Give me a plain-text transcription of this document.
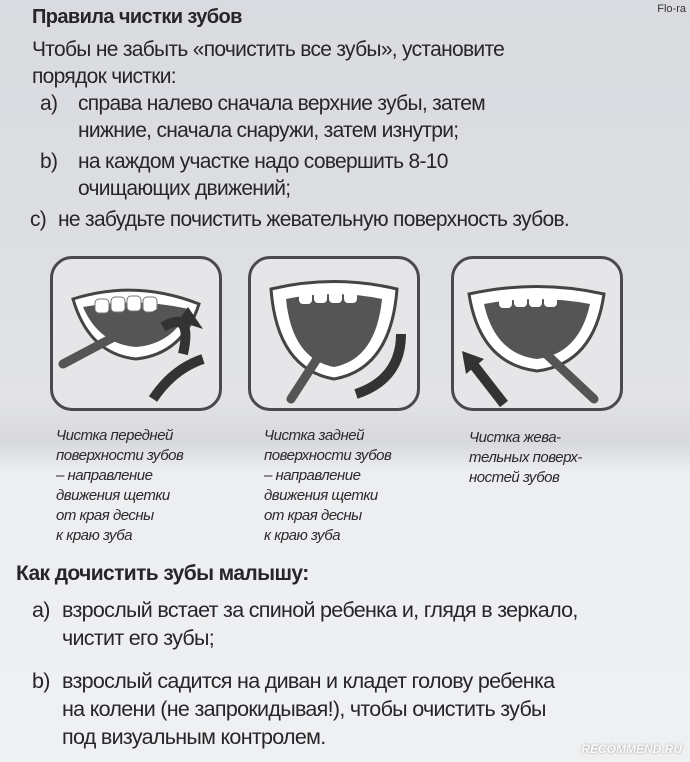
Flo-ra
Правила чистки зубов
Чтобы не забыть «почистить все зубы», установите
порядок чистки:
a) справа налево сначала верхние зубы, затем
нижние, сначала снаружи, затем изнутри;
b) на каждом участке надо совершить 8-10
очищающих движений;
c) не забудьте почистить жевательную поверхность зубов.
Чистка передней
поверхности зубов
– направление
движения щетки
от края десны
к краю зуба
Чистка задней
поверхности зубов
– направление
движения щетки
от края десны
к краю зуба
Чистка жева-
тельных поверх-
ностей зубов
Как дочистить зубы малышу:
a) взрослый встает за спиной ребенка и, глядя в зеркало,
чистит его зубы;
b) взрослый садится на диван и кладет голову ребенка
на колени (не запрокидывая!), чтобы очистить зубы
под визуальным контролем.	RECOMMEND.RU
